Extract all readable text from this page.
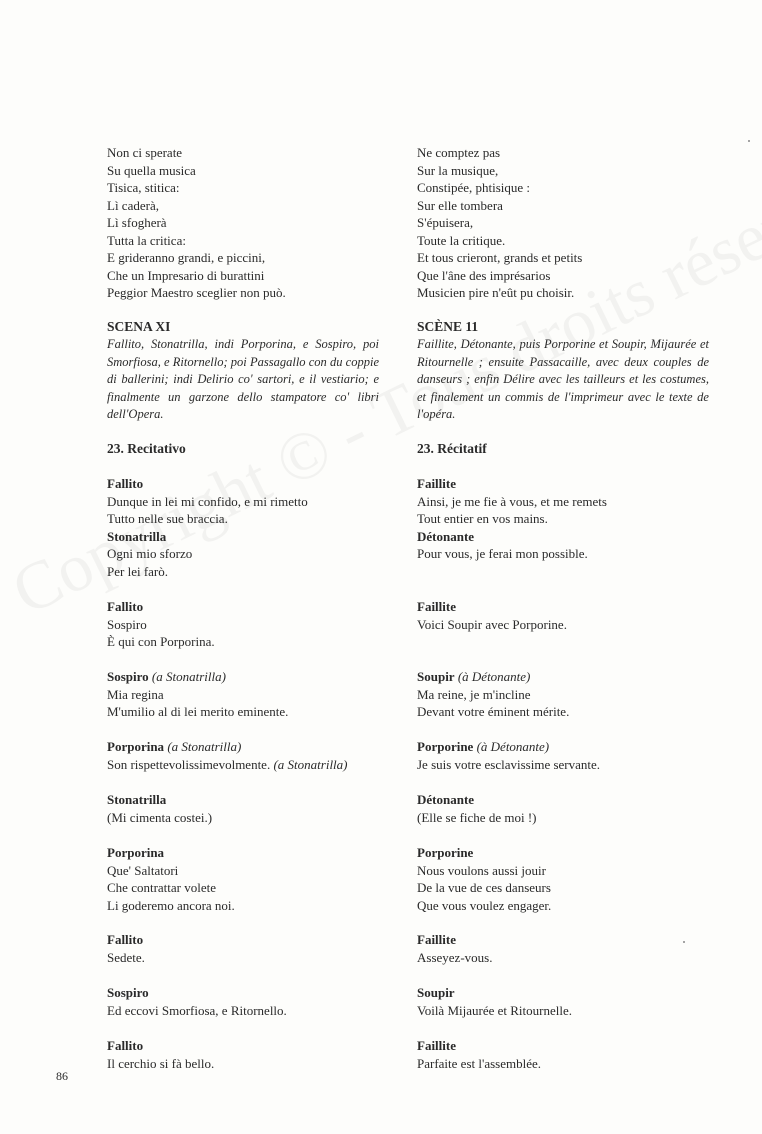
Non ci sperate
Su quella musica
Tisica, stitica:
Lì caderà,
Lì sfogherà
Tutta la critica:
E grideranno grandi, e piccini,
Che un Impresario di burattini
Peggior Maestro sceglier non può.
SCENA XI
Fallito, Stonatrilla, indi Porporina, e Sospiro, poi Smorfiosa, e Ritornello; poi Passagallo con du coppie di ballerini; indi Delirio co' sartori, e il vestiario; e finalmente un garzone dello stampatore co' libri dell'Opera.
23. Recitativo
Fallito
Dunque in lei mi confido, e mi rimetto
Tutto nelle sue braccia.
Stonatrilla
Ogni mio sforzo
Per lei farò.
Fallito
Sospiro
È qui con Porporina.
Sospiro (a Stonatrilla)
Mia regina
M'umilio al di lei merito eminente.
Porporina (a Stonatrilla)
Son rispettevolissimevolmente. (a Stonatrilla)
Stonatrilla
(Mi cimenta costei.)
Porporina
Que' Saltatori
Che contrattar volete
Li goderemo ancora noi.
Fallito
Sedete.
Sospiro
Ed eccovi Smorfiosa, e Ritornello.
Fallito
Il cerchio si fà bello.
Ne comptez pas
Sur la musique,
Constipée, phtisique :
Sur elle tombera
S'épuisera,
Toute la critique.
Et tous crieront, grands et petits
Que l'âne des imprésarios
Musicien pire n'eût pu choisir.
SCÈNE 11
Faillite, Détonante, puis Porporine et Soupir, Mijaurée et Ritournelle ; ensuite Passacaille, avec deux couples de danseurs ; enfin Délire avec les tailleurs et les costumes, et finalement un commis de l'imprimeur avec le texte de l'opéra.
23. Récitatif
Faillite
Ainsi, je me fie à vous, et me remets
Tout entier en vos mains.
Détonante
Pour vous, je ferai mon possible.
Faillite
Voici Soupir avec Porporine.
Soupir (à Détonante)
Ma reine, je m'incline
Devant votre éminent mérite.
Porporine (à Détonante)
Je suis votre esclavissime servante.
Détonante
(Elle se fiche de moi !)
Porporine
Nous voulons aussi jouir
De la vue de ces danseurs
Que vous voulez engager.
Faillite
Asseyez-vous.
Soupir
Voilà Mijaurée et Ritournelle.
Faillite
Parfaite est l'assemblée.
86
